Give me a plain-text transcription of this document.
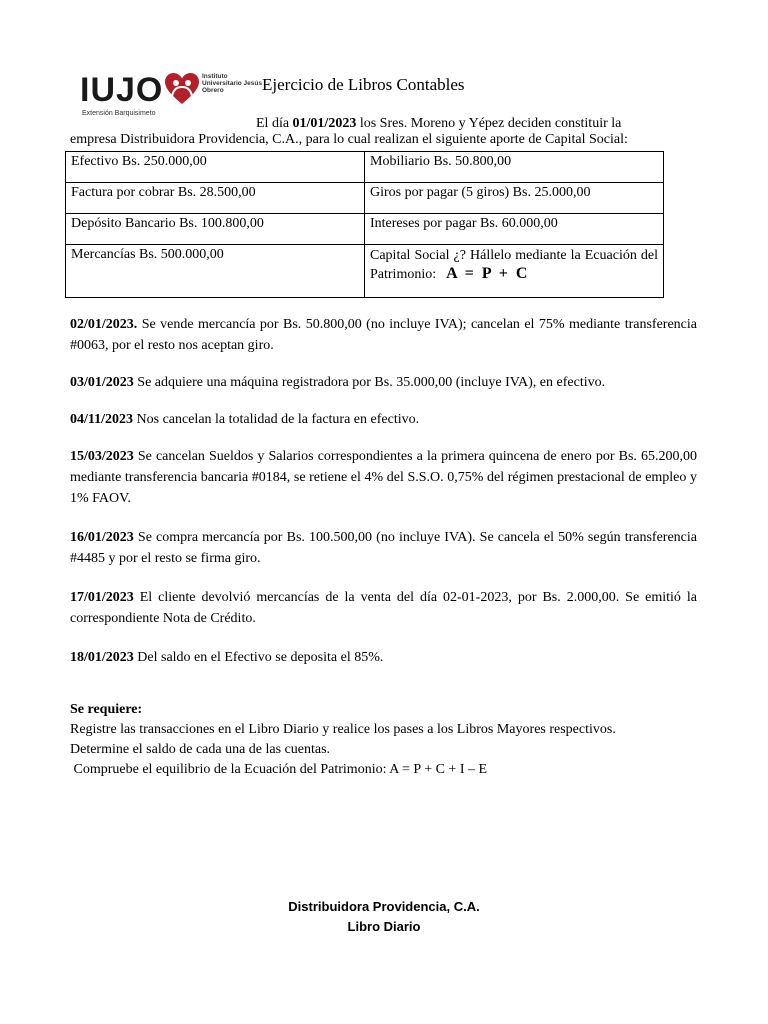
IUJO	Instituto Universitario Jesús Obrero
Extensión Barquisimeto
Ejercicio de Libros Contables
El día 01/01/2023 los Sres. Moreno y Yépez deciden constituir la
empresa Distribuidora Providencia, C.A., para lo cual realizan el siguiente aporte de Capital Social:
Efectivo Bs. 250.000,00	Mobiliario Bs. 50.800,00
Factura por cobrar Bs. 28.500,00	Giros por pagar (5 giros) Bs. 25.000,00
Depósito Bancario Bs. 100.800,00	Intereses por pagar Bs. 60.000,00
Mercancías Bs. 500.000,00	Capital Social ¿? Hállelo mediante la Ecuación del Patrimonio: A = P + C

02/01/2023. Se vende mercancía por Bs. 50.800,00 (no incluye IVA); cancelan el 75% mediante transferencia #0063, por el resto nos aceptan giro.

03/01/2023 Se adquiere una máquina registradora por Bs. 35.000,00 (incluye IVA), en efectivo.

04/11/2023 Nos cancelan la totalidad de la factura en efectivo.

15/03/2023 Se cancelan Sueldos y Salarios correspondientes a la primera quincena de enero por Bs. 65.200,00 mediante transferencia bancaria #0184, se retiene el 4% del S.S.O. 0,75% del régimen prestacional de empleo y 1% FAOV.

16/01/2023 Se compra mercancía por Bs. 100.500,00 (no incluye IVA). Se cancela el 50% según transferencia #4485 y por el resto se firma giro.

17/01/2023 El cliente devolvió mercancías de la venta del día 02-01-2023, por Bs. 2.000,00. Se emitió la correspondiente Nota de Crédito.

18/01/2023 Del saldo en el Efectivo se deposita el 85%.

Se requiere:
Registre las transacciones en el Libro Diario y realice los pases a los Libros Mayores respectivos.
Determine el saldo de cada una de las cuentas.
Compruebe el equilibrio de la Ecuación del Patrimonio: A = P + C + I – E
Distribuidora Providencia, C.A.
Libro Diario
